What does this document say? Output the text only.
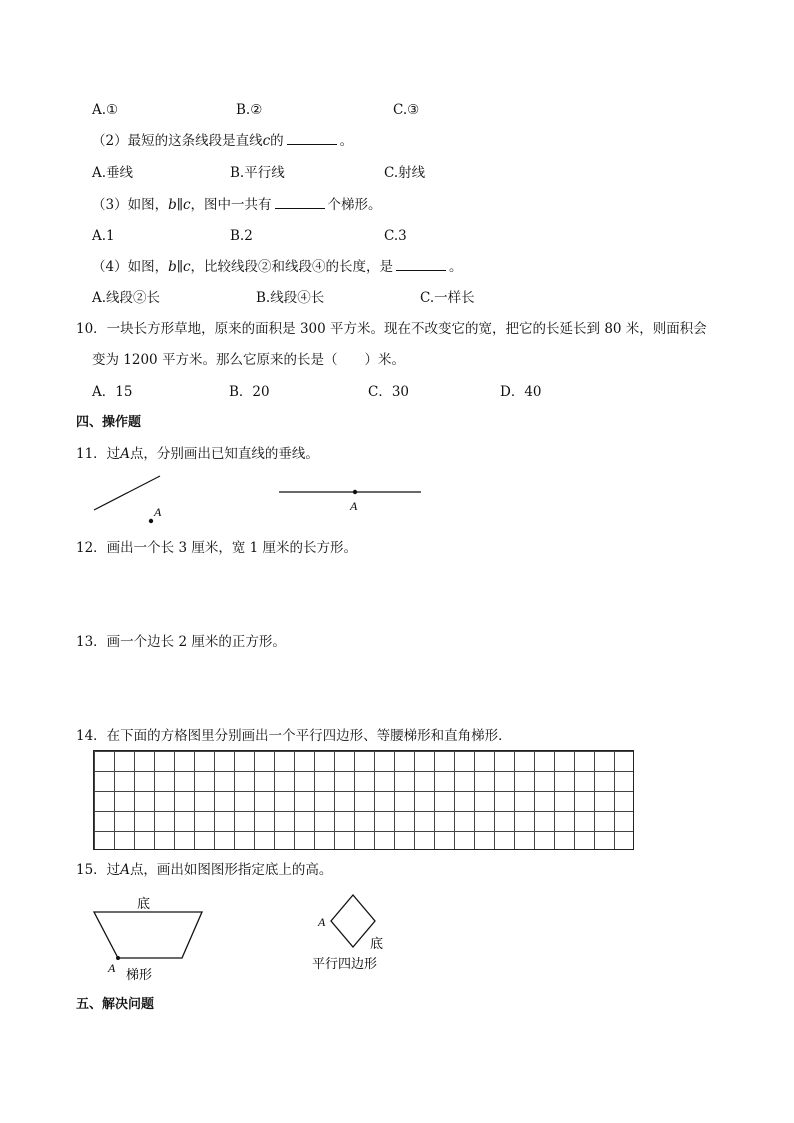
A.①	B.②	C.③
（2）最短的这条线段是直线c的	。
A.垂线	B.平行线	C.射线
（3）如图，b∥c，图中一共有	个梯形。
A.1	B.2	C.3
（4）如图，b∥c，比较线段②和线段④的长度，是	。
A.线段②长	B.线段④长	C.一样长
10．一块长方形草地，原来的面积是 300 平方米。现在不改变它的宽，把它的长延长到 80 米，则面积会
变为 1200 平方米。那么它原来的长是（　　）米。
A．15	B．20	C．30	D．40
四、操作题
11．过A点，分别画出已知直线的垂线。
A	A
12．画出一个长 3 厘米，宽 1 厘米的长方形。
13．画一个边长 2 厘米的正方形。
14．在下面的方格图里分别画出一个平行四边形、等腰梯形和直角梯形．
15．过A点，画出如图图形指定底上的高。
底
A 梯形
A
底
平行四边形
五、解决问题
